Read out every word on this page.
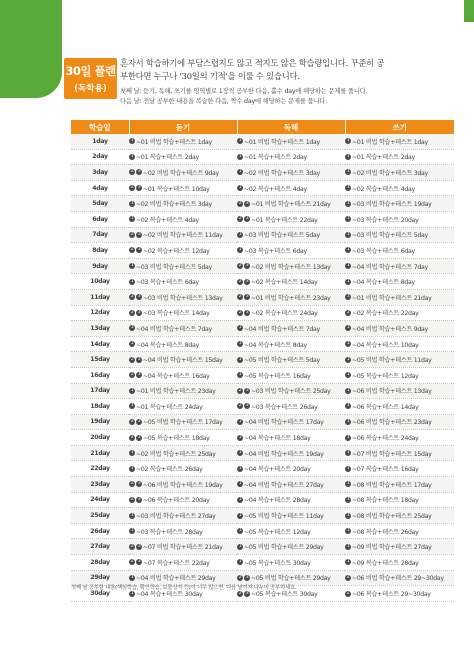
30일 플랜
(독학용)
혼자서 학습하기에 부담스럽지도 않고 적지도 않은 학습량입니다. 꾸준히 공
부한다면 누구나 '30일의 기적'을 이룰 수 있습니다.
첫째 날: 듣기, 독해, 쓰기를 영역별로 1장씩 공부한 다음, 홀수 day에 해당하는 문제를 풉니다.
다음 날: 전날 공부한 내용을 복습한 다음, 짝수 day에 해당하는 문제를 풉니다.
학습일	듣기	독해	쓰기
1day	1 ~01 비법 학습+테스트 1day	1 ~01 비법 학습+테스트 1day	1 ~01 비법 학습+테스트 1day
2day	1 ~01 복습+테스트 2day	1 ~01 복습+테스트 2day	1 ~01 복습+테스트 2day
3day	2 3 ~02 비법 학습+테스트 9day	1 ~02 비법 학습+테스트 3day	1 ~02 비법 학습+테스트 3day
4day	2 3 ~01 복습+테스트 10day	1 ~02 복습+테스트 4day	1 ~02 복습+테스트 4day
5day	1 ~02 비법 학습+테스트 3day	2 3 ~01 비법 학습+테스트 21day	1 ~03 비법 학습+테스트 19day
6day	1 ~02 복습+테스트 4day	2 3 ~01 복습+테스트 22day	1 ~03 복습+테스트 20day
7day	2 3 ~02 비법 학습+테스트 11day	1 ~03 비법 학습+테스트 5day	1 ~03 비법 학습+테스트 5day
8day	2 3 ~02 복습+테스트 12day	1 ~03 복습+테스트 6day	1 ~03 복습+테스트 6day
9day	1 ~03 비법 학습+테스트 5day	2 3 ~02 비법 학습+테스트 13day	1 ~04 비법 학습+테스트 7day
10day	1 ~03 복습+테스트 6day	2 3 ~02 복습+테스트 14day	1 ~04 복습+테스트 8day
11day	2 3 ~03 비법 학습+테스트 13day	2 3 ~01 비법 학습+테스트 23day	1 ~01 비법 학습+테스트 21day
12day	2 3 ~03 복습+테스트 14day	2 3 ~02 복습+테스트 24day	2 ~02 복습+테스트 22day
13day	1 ~04 비법 학습+테스트 7day	1 ~04 비법 학습+테스트 7day	1 ~04 비법 학습+테스트 9day
14day	1 ~04 복습+테스트 8day	1 ~04 복습+테스트 8day	1 ~04 복습+테스트 10day
15day	2 3 ~04 비법 학습+테스트 15day	1 ~05 비법 학습+테스트 5day	1 ~05 비법 학습+테스트 11day
16day	2 3 ~04 복습+테스트 16day	1 ~05 복습+테스트 16day	1 ~05 복습+테스트 12day
17day	1 ~01 비법 학습+테스트 23day	2 3 ~03 비법 학습+테스트 25day	1 ~06 비법 학습+테스트 13day
18day	1 ~01 복습+테스트 24day	2 3 ~03 복습+테스트 26day	1 ~06 복습+테스트 14day
19day	2 3 ~05 비법 학습+테스트 17day	1 ~04 비법 학습+테스트 17day	1 ~06 비법 학습+테스트 23day
20day	2 3 ~05 복습+테스트 18day	1 ~04 복습+테스트 18day	1 ~06 복습+테스트 24day
21day	1 ~02 비법 학습+테스트 25day	1 ~04 비법 학습+테스트 19day	1 ~07 비법 학습+테스트 15day
22day	1 ~02 복습+테스트 26day	1 ~04 복습+테스트 20day	1 ~07 복습+테스트 16day
23day	2 3 ~06 비법 학습+테스트 19day	1 ~04 비법 학습+테스트 27day	1 ~08 비법 학습+테스트 17day
24day	2 3 ~06 복습+테스트 20day	1 ~04 복습+테스트 28day	1 ~08 복습+테스트 18day
25day	1 ~03 비법 학습+테스트 27day	1 ~05 비법 학습+테스트 11day	1 ~08 비법 학습+테스트 25day
26day	1 ~03 복습+테스트 28day	1 ~05 복습+테스트 12day	1 ~08 복습+테스트 26day
27day	2 3 ~07 비법 학습+테스트 21day	1 ~05 비법 학습+테스트 29day	1 ~09 비법 학습+테스트 27day
28day	2 3 ~07 복습+테스트 22day	1 ~05 복습+테스트 30day	1 ~09 복습+테스트 28day
29day	1 ~04 비법 학습+테스트 29day	2 3 ~05 비법 학습+테스트 29day	2 ~06 비법 학습+테스트 29~30day
30day	1 ~04 복습+테스트 30day	2 3 ~05 복습+테스트 30day	2 ~06 복습+테스트 29~30day
첫째 날 공부할 내용(핵심학습, 확인학습, 보물상자 등)이 너무 많으면, 다음 날까지 나누어 공부하세요.
